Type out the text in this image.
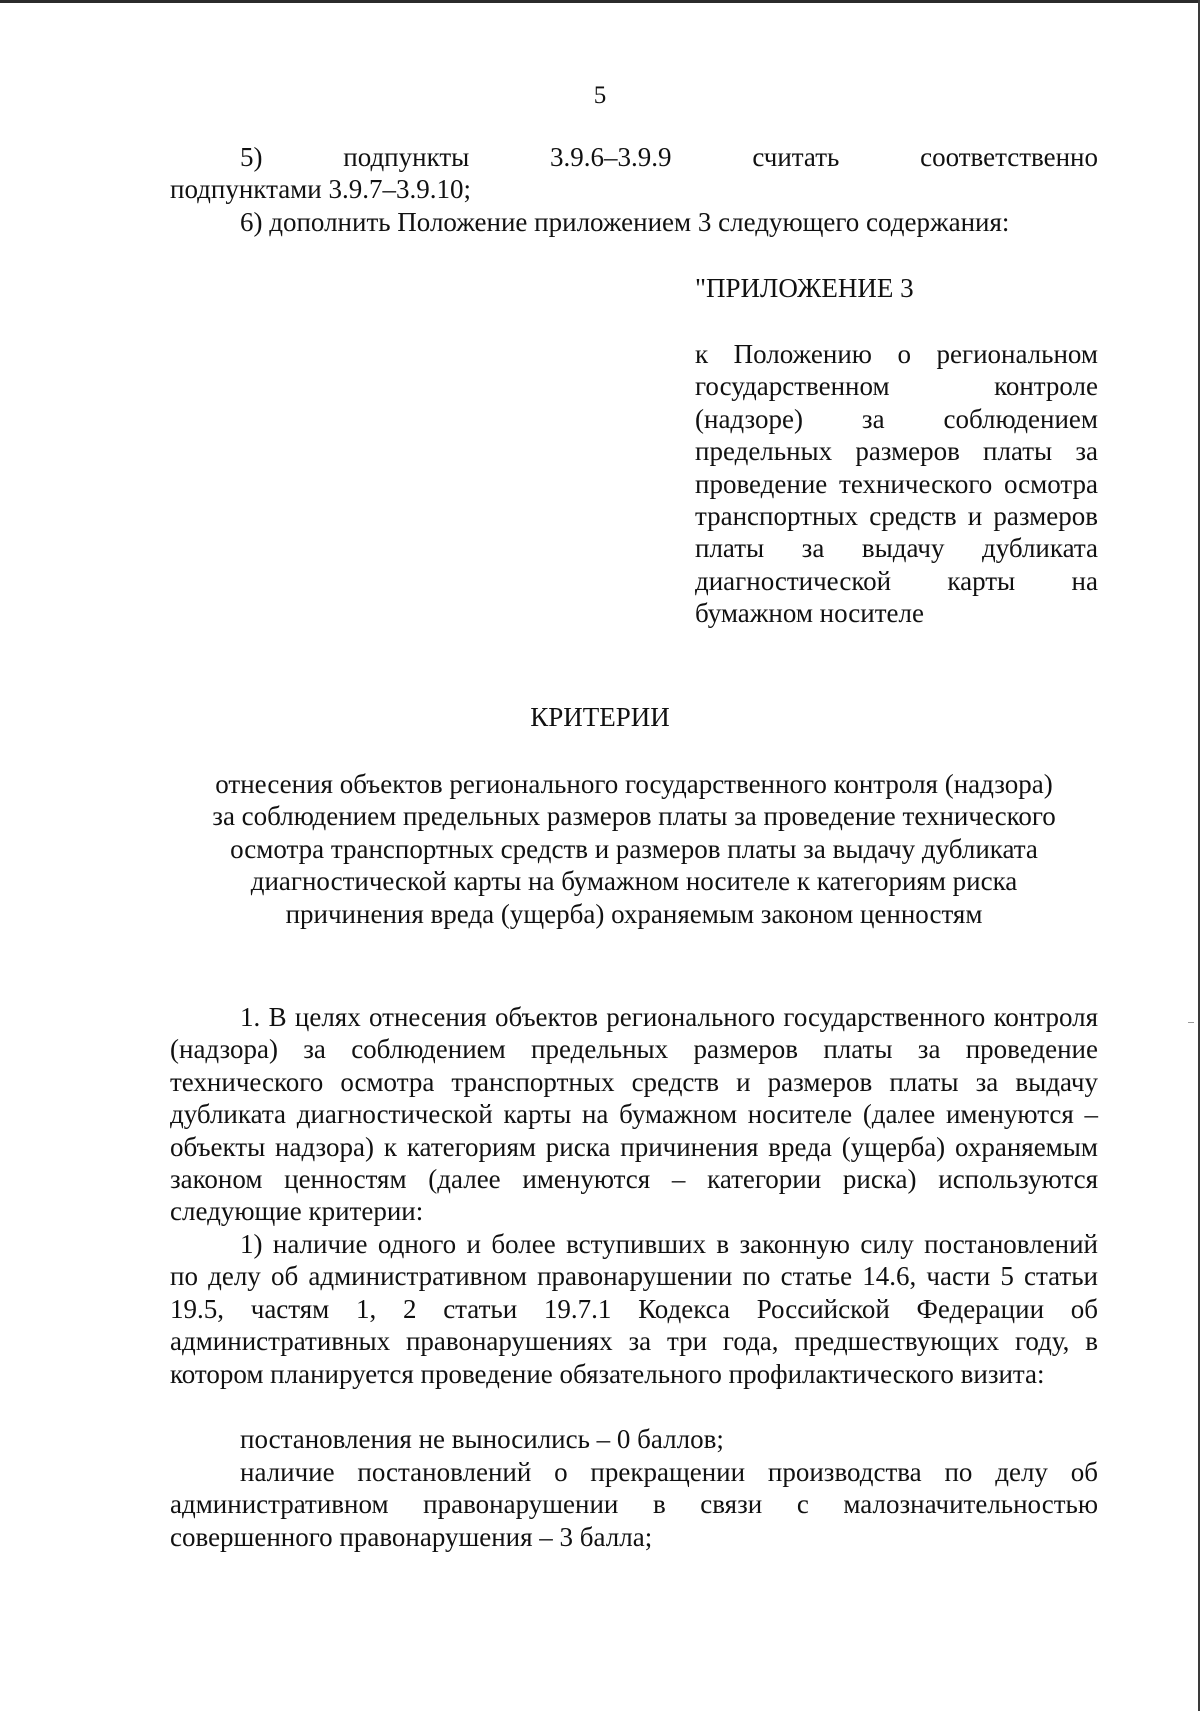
5
5) подпункты 3.9.6–3.9.9 считать соответственно
подпунктами 3.9.7–3.9.10;
6) дополнить Положение приложением 3 следующего содержания:
"ПРИЛОЖЕНИЕ 3
к Положению о региональном государственном контроле (надзоре) за соблюдением предельных размеров платы за проведение технического осмотра транспортных средств и размеров платы за выдачу дубликата диагностической карты на бумажном носителе
КРИТЕРИИ
отнесения объектов регионального государственного контроля (надзора)
за соблюдением предельных размеров платы за проведение технического
осмотра транспортных средств и размеров платы за выдачу дубликата
диагностической карты на бумажном носителе к категориям риска
причинения вреда (ущерба) охраняемым законом ценностям
1. В целях отнесения объектов регионального государственного контроля (надзора) за соблюдением предельных размеров платы за проведение технического осмотра транспортных средств и размеров платы за выдачу дубликата диагностической карты на бумажном носителе (далее именуются – объекты надзора) к категориям риска причинения вреда (ущерба) охраняемым законом ценностям (далее именуются – категории риска) используются следующие критерии:
1) наличие одного и более вступивших в законную силу постановлений по делу об административном правонарушении по статье 14.6, части 5 статьи 19.5, частям 1, 2 статьи 19.7.1 Кодекса Российской Федерации об административных правонарушениях за три года, предшествующих году, в котором планируется проведение обязательного профилактического визита:
постановления не выносились – 0 баллов;
наличие постановлений о прекращении производства по делу об административном правонарушении в связи с малозначительностью совершенного правонарушения – 3 балла;
